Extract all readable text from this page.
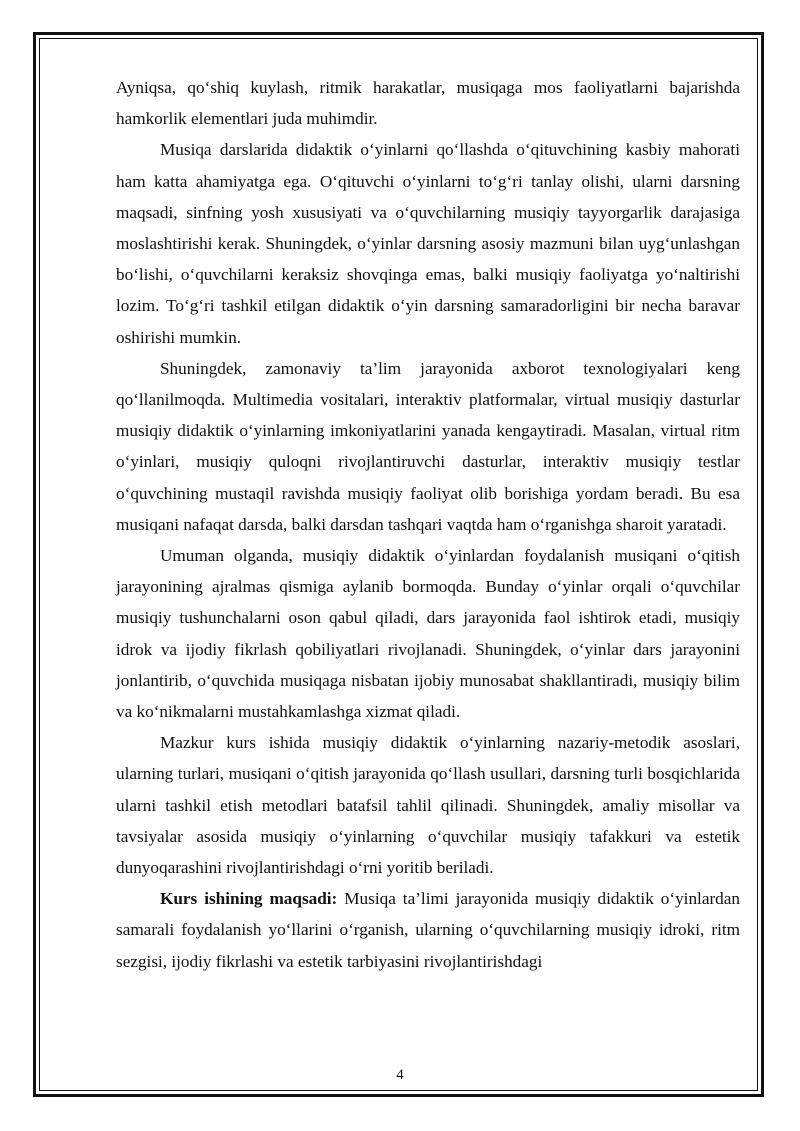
Ayniqsa, qo‘shiq kuylash, ritmik harakatlar, musiqaga mos faoliyatlarni bajarishda hamkorlik elementlari juda muhimdir.

Musiqa darslarida didaktik o‘yinlarni qo‘llashda o‘qituvchining kasbiy mahorati ham katta ahamiyatga ega. O‘qituvchi o‘yinlarni to‘g‘ri tanlay olishi, ularni darsning maqsadi, sinfning yosh xususiyati va o‘quvchilarning musiqiy tayyorgarlik darajasiga moslashtirishi kerak. Shuningdek, o‘yinlar darsning asosiy mazmuni bilan uyg‘unlashgan bo‘lishi, o‘quvchilarni keraksiz shovqinga emas, balki musiqiy faoliyatga yo‘naltirishi lozim. To‘g‘ri tashkil etilgan didaktik o‘yin darsning samaradorligini bir necha baravar oshirishi mumkin.

Shuningdek, zamonaviy ta’lim jarayonida axborot texnologiyalari keng qo‘llanilmoqda. Multimedia vositalari, interaktiv platformalar, virtual musiqiy dasturlar musiqiy didaktik o‘yinlarning imkoniyatlarini yanada kengaytiradi. Masalan, virtual ritm o‘yinlari, musiqiy quloqni rivojlantiruvchi dasturlar, interaktiv musiqiy testlar o‘quvchining mustaqil ravishda musiqiy faoliyat olib borishiga yordam beradi. Bu esa musiqani nafaqat darsda, balki darsdan tashqari vaqtda ham o‘rganishga sharoit yaratadi.

Umuman olganda, musiqiy didaktik o‘yinlardan foydalanish musiqani o‘qitish jarayonining ajralmas qismiga aylanib bormoqda. Bunday o‘yinlar orqali o‘quvchilar musiqiy tushunchalarni oson qabul qiladi, dars jarayonida faol ishtirok etadi, musiqiy idrok va ijodiy fikrlash qobiliyatlari rivojlanadi. Shuningdek, o‘yinlar dars jarayonini jonlantirib, o‘quvchida musiqaga nisbatan ijobiy munosabat shakllantiradi, musiqiy bilim va ko‘nikmalarni mustahkamlashga xizmat qiladi.

Mazkur kurs ishida musiqiy didaktik o‘yinlarning nazariy-metodik asoslari, ularning turlari, musiqani o‘qitish jarayonida qo‘llash usullari, darsning turli bosqichlarida ularni tashkil etish metodlari batafsil tahlil qilinadi. Shuningdek, amaliy misollar va tavsiyalar asosida musiqiy o‘yinlarning o‘quvchilar musiqiy tafakkuri va estetik dunyoqarashini rivojlantirishdagi o‘rni yoritib beriladi.

Kurs ishining maqsadi: Musiqa ta’limi jarayonida musiqiy didaktik o‘yinlardan samarali foydalanish yo‘llarini o‘rganish, ularning o‘quvchilarning musiqiy idroki, ritm sezgisi, ijodiy fikrlashi va estetik tarbiyasini rivojlantirishdagi

4
